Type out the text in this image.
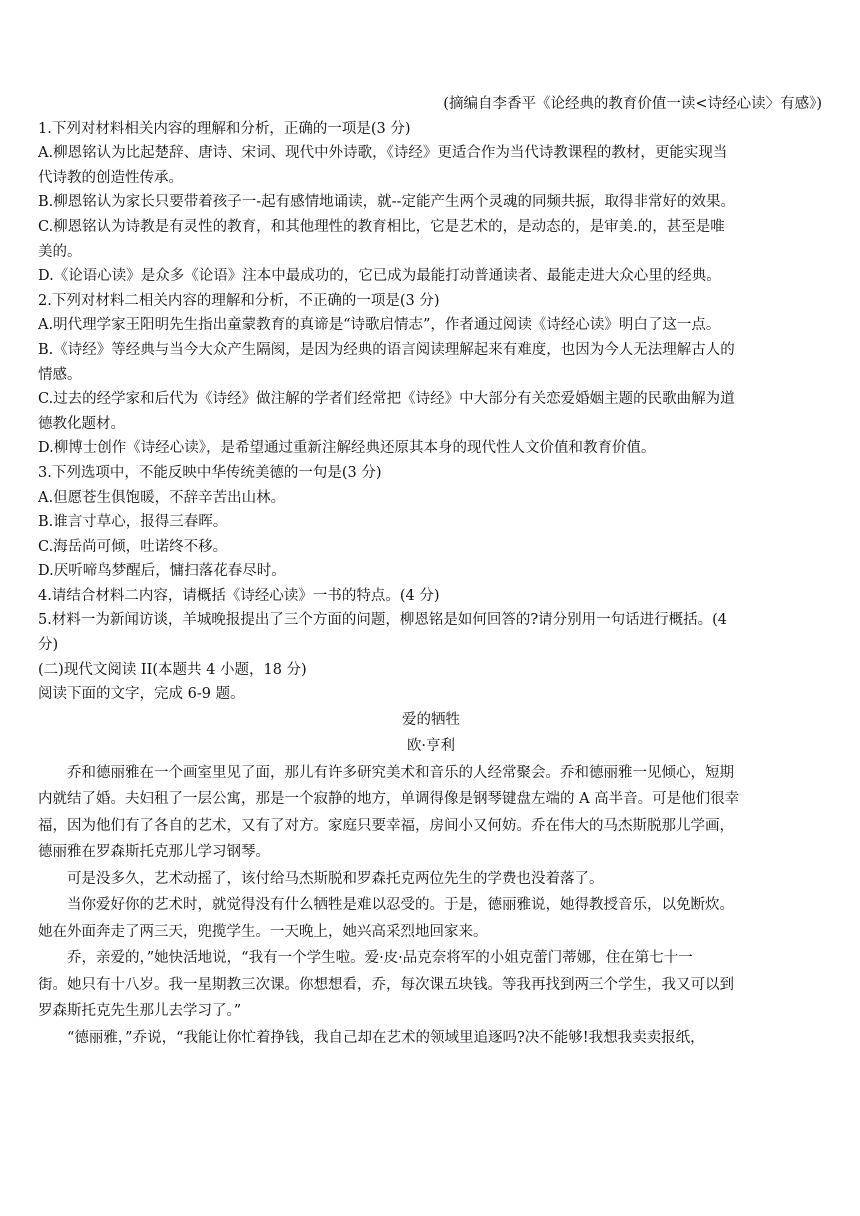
(摘编自李香平《论经典的教育价值一读<诗经心读〉有感》)
1.下列对材料相关内容的理解和分析，正确的一项是(3 分)
A.柳恩铭认为比起楚辞、唐诗、宋词、现代中外诗歌，《诗经》更适合作为当代诗教课程的教材，更能实现当
代诗教的创造性传承。
B.柳恩铭认为家长只要带着孩子一-起有感情地诵读，就--定能产生两个灵魂的同频共振，取得非常好的效果。
C.柳恩铭认为诗教是有灵性的教育，和其他理性的教育相比，它是艺术的，是动态的，是审美.的，甚至是唯
美的。
D.《论语心读》是众多《论语》注本中最成功的，它已成为最能打动普通读者、最能走进大众心里的经典。
2.下列对材料二相关内容的理解和分析，不正确的一项是(3 分)
A.明代理学家王阳明先生指出童蒙教育的真谛是“诗歌启情志”，作者通过阅读《诗经心读》明白了这一点。
B.《诗经》等经典与当今大众产生隔阂，是因为经典的语言阅读理解起来有难度，也因为今人无法理解古人的
情感。
C.过去的经学家和后代为《诗经》做注解的学者们经常把《诗经》中大部分有关恋爱婚姻主题的民歌曲解为道
德教化题材。
D.柳博士创作《诗经心读》，是希望通过重新注解经典还原其本身的现代性人文价值和教育价值。
3.下列选项中，不能反映中华传统美德的一句是(3 分)
A.但愿苍生俱饱暖，不辞辛苦出山林。
B.谁言寸草心，报得三春晖。
C.海岳尚可倾，吐诺终不移。
D.厌听啼鸟梦醒后，慵扫落花春尽时。
4.请结合材料二内容，请概括《诗经心读》一书的特点。(4 分)
5.材料一为新闻访谈，羊城晚报提出了三个方面的问题，柳恩铭是如何回答的?请分别用一句话进行概括。(4
分)
(二)现代文阅读 II(本题共 4 小题，18 分)
阅读下面的文字，完成 6-9 题。
爱的牺牲
欧·亨利
乔和德丽雅在一个画室里见了面，那儿有许多研究美术和音乐的人经常聚会。乔和德丽雅一见倾心，短期
内就结了婚。夫妇租了一层公寓，那是一个寂静的地方，单调得像是钢琴键盘左端的 A 高半音。可是他们很幸
福，因为他们有了各自的艺术，又有了对方。家庭只要幸福，房间小又何妨。乔在伟大的马杰斯脱那儿学画，
德丽雅在罗森斯托克那儿学习钢琴。
可是没多久，艺术动摇了，该付给马杰斯脱和罗森托克两位先生的学费也没着落了。
当你爱好你的艺术时，就觉得没有什么牺牲是难以忍受的。于是，德丽雅说，她得教授音乐，以免断炊。
她在外面奔走了两三天，兜揽学生。一天晚上，她兴高采烈地回家来。
乔，亲爱的，”她快活地说，“我有一个学生啦。爱·皮·品克奈将军的小姐克蕾门蒂娜，住在第七十一
街。她只有十八岁。我一星期教三次课。你想想看，乔，每次课五块钱。等我再找到两三个学生，我又可以到
罗森斯托克先生那儿去学习了。”
“德丽雅，”乔说，“我能让你忙着挣钱，我自己却在艺术的领域里追逐吗?决不能够!我想我卖卖报纸，
